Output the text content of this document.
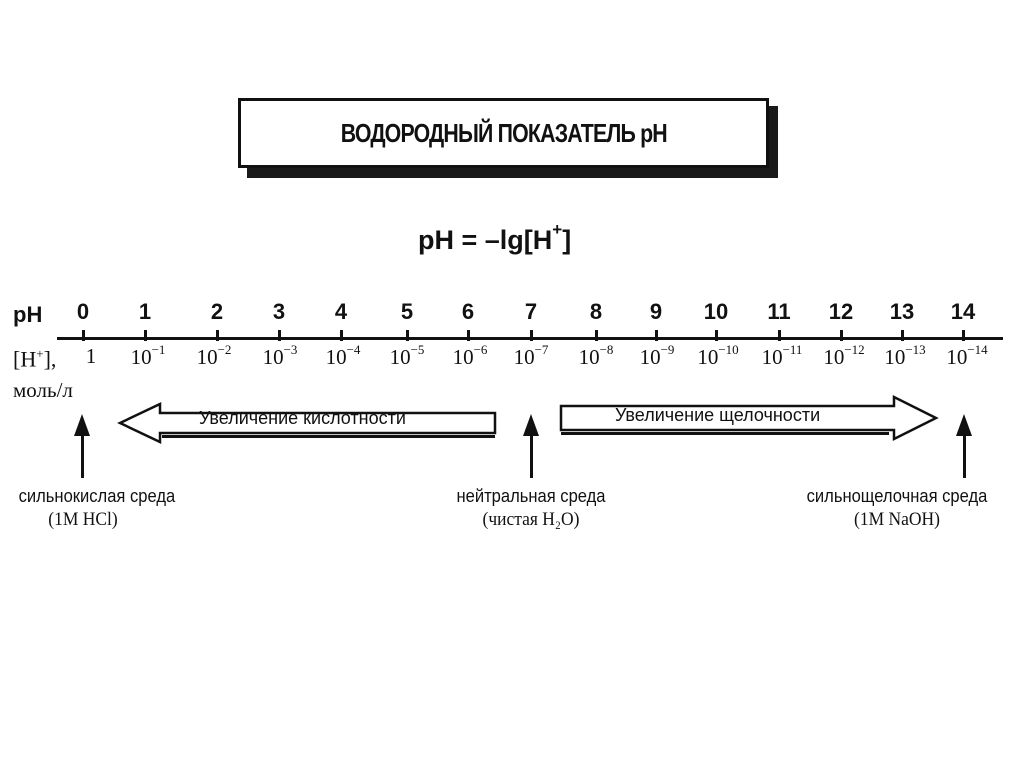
ВОДОРОДНЫЙ ПОКАЗАТЕЛЬ pH
pH = –lg[H+]
pH
[H+],
моль/л
0
1
1
$10^{-1}$
2
$10^{-2}$
3
$10^{-3}$
4
$10^{-4}$
5
$10^{-5}$
6
$10^{-6}$
7
$10^{-7}$
8
$10^{-8}$
9
$10^{-9}$
10
$10^{-10}$
11
$10^{-11}$
12
$10^{-12}$
13
$10^{-13}$
14
$10^{-14}$
Увеличение кислотности	Увеличение щелочности
сильнокислая среда
(1M HCl)
нейтральная среда
(чистая H₂O)
сильнощелочная среда
(1M NaOH)
